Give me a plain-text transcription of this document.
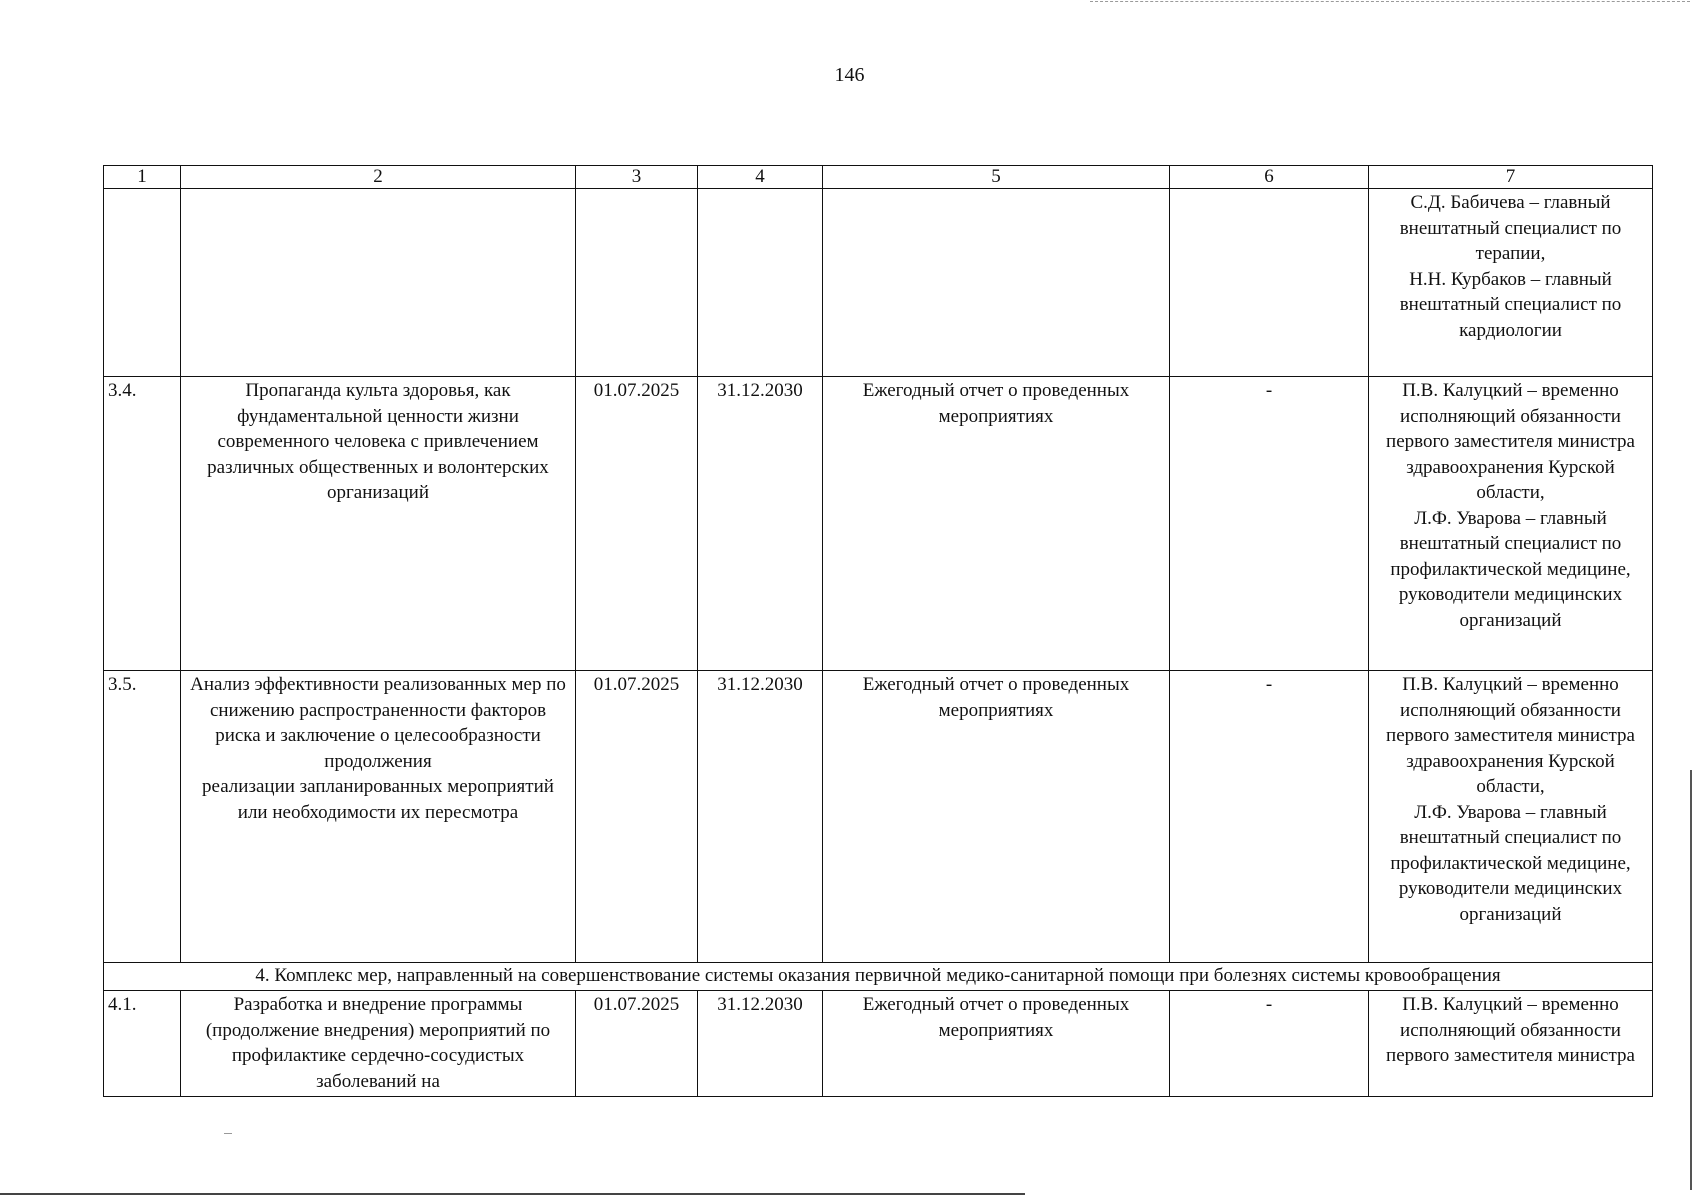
146
1	2	3	4	5	6	7

						С.Д. Бабичева – главный внештатный специалист по терапии,
Н.Н. Курбаков – главный внештатный специалист по кардиологии

3.4.	Пропаганда культа здоровья, как фундаментальной ценности жизни современного человека с привлечением различных общественных и волонтерских организаций	01.07.2025	31.12.2030	Ежегодный отчет о проведенных мероприятиях	-	П.В. Калуцкий – временно исполняющий обязанности первого заместителя министра здравоохранения Курской области,
Л.Ф. Уварова – главный внештатный специалист по профилактической медицине, руководители медицинских организаций

3.5.	Анализ эффективности реализованных мер по снижению распространенности факторов риска и заключение о целесообразности продолжения
реализации запланированных мероприятий или необходимости их пересмотра	01.07.2025	31.12.2030	Ежегодный отчет о проведенных мероприятиях	-	П.В. Калуцкий – временно исполняющий обязанности первого заместителя министра здравоохранения Курской области,
Л.Ф. Уварова – главный внештатный специалист по профилактической медицине, руководители медицинских организаций

4. Комплекс мер, направленный на совершенствование системы оказания первичной медико-санитарной помощи при болезнях системы кровообращения						
4.1.	Разработка и внедрение программы (продолжение внедрения) мероприятий по профилактике сердечно-сосудистых заболеваний на	01.07.2025	31.12.2030	Ежегодный отчет о проведенных мероприятиях	-	П.В. Калуцкий – временно исполняющий обязанности первого заместителя министра
